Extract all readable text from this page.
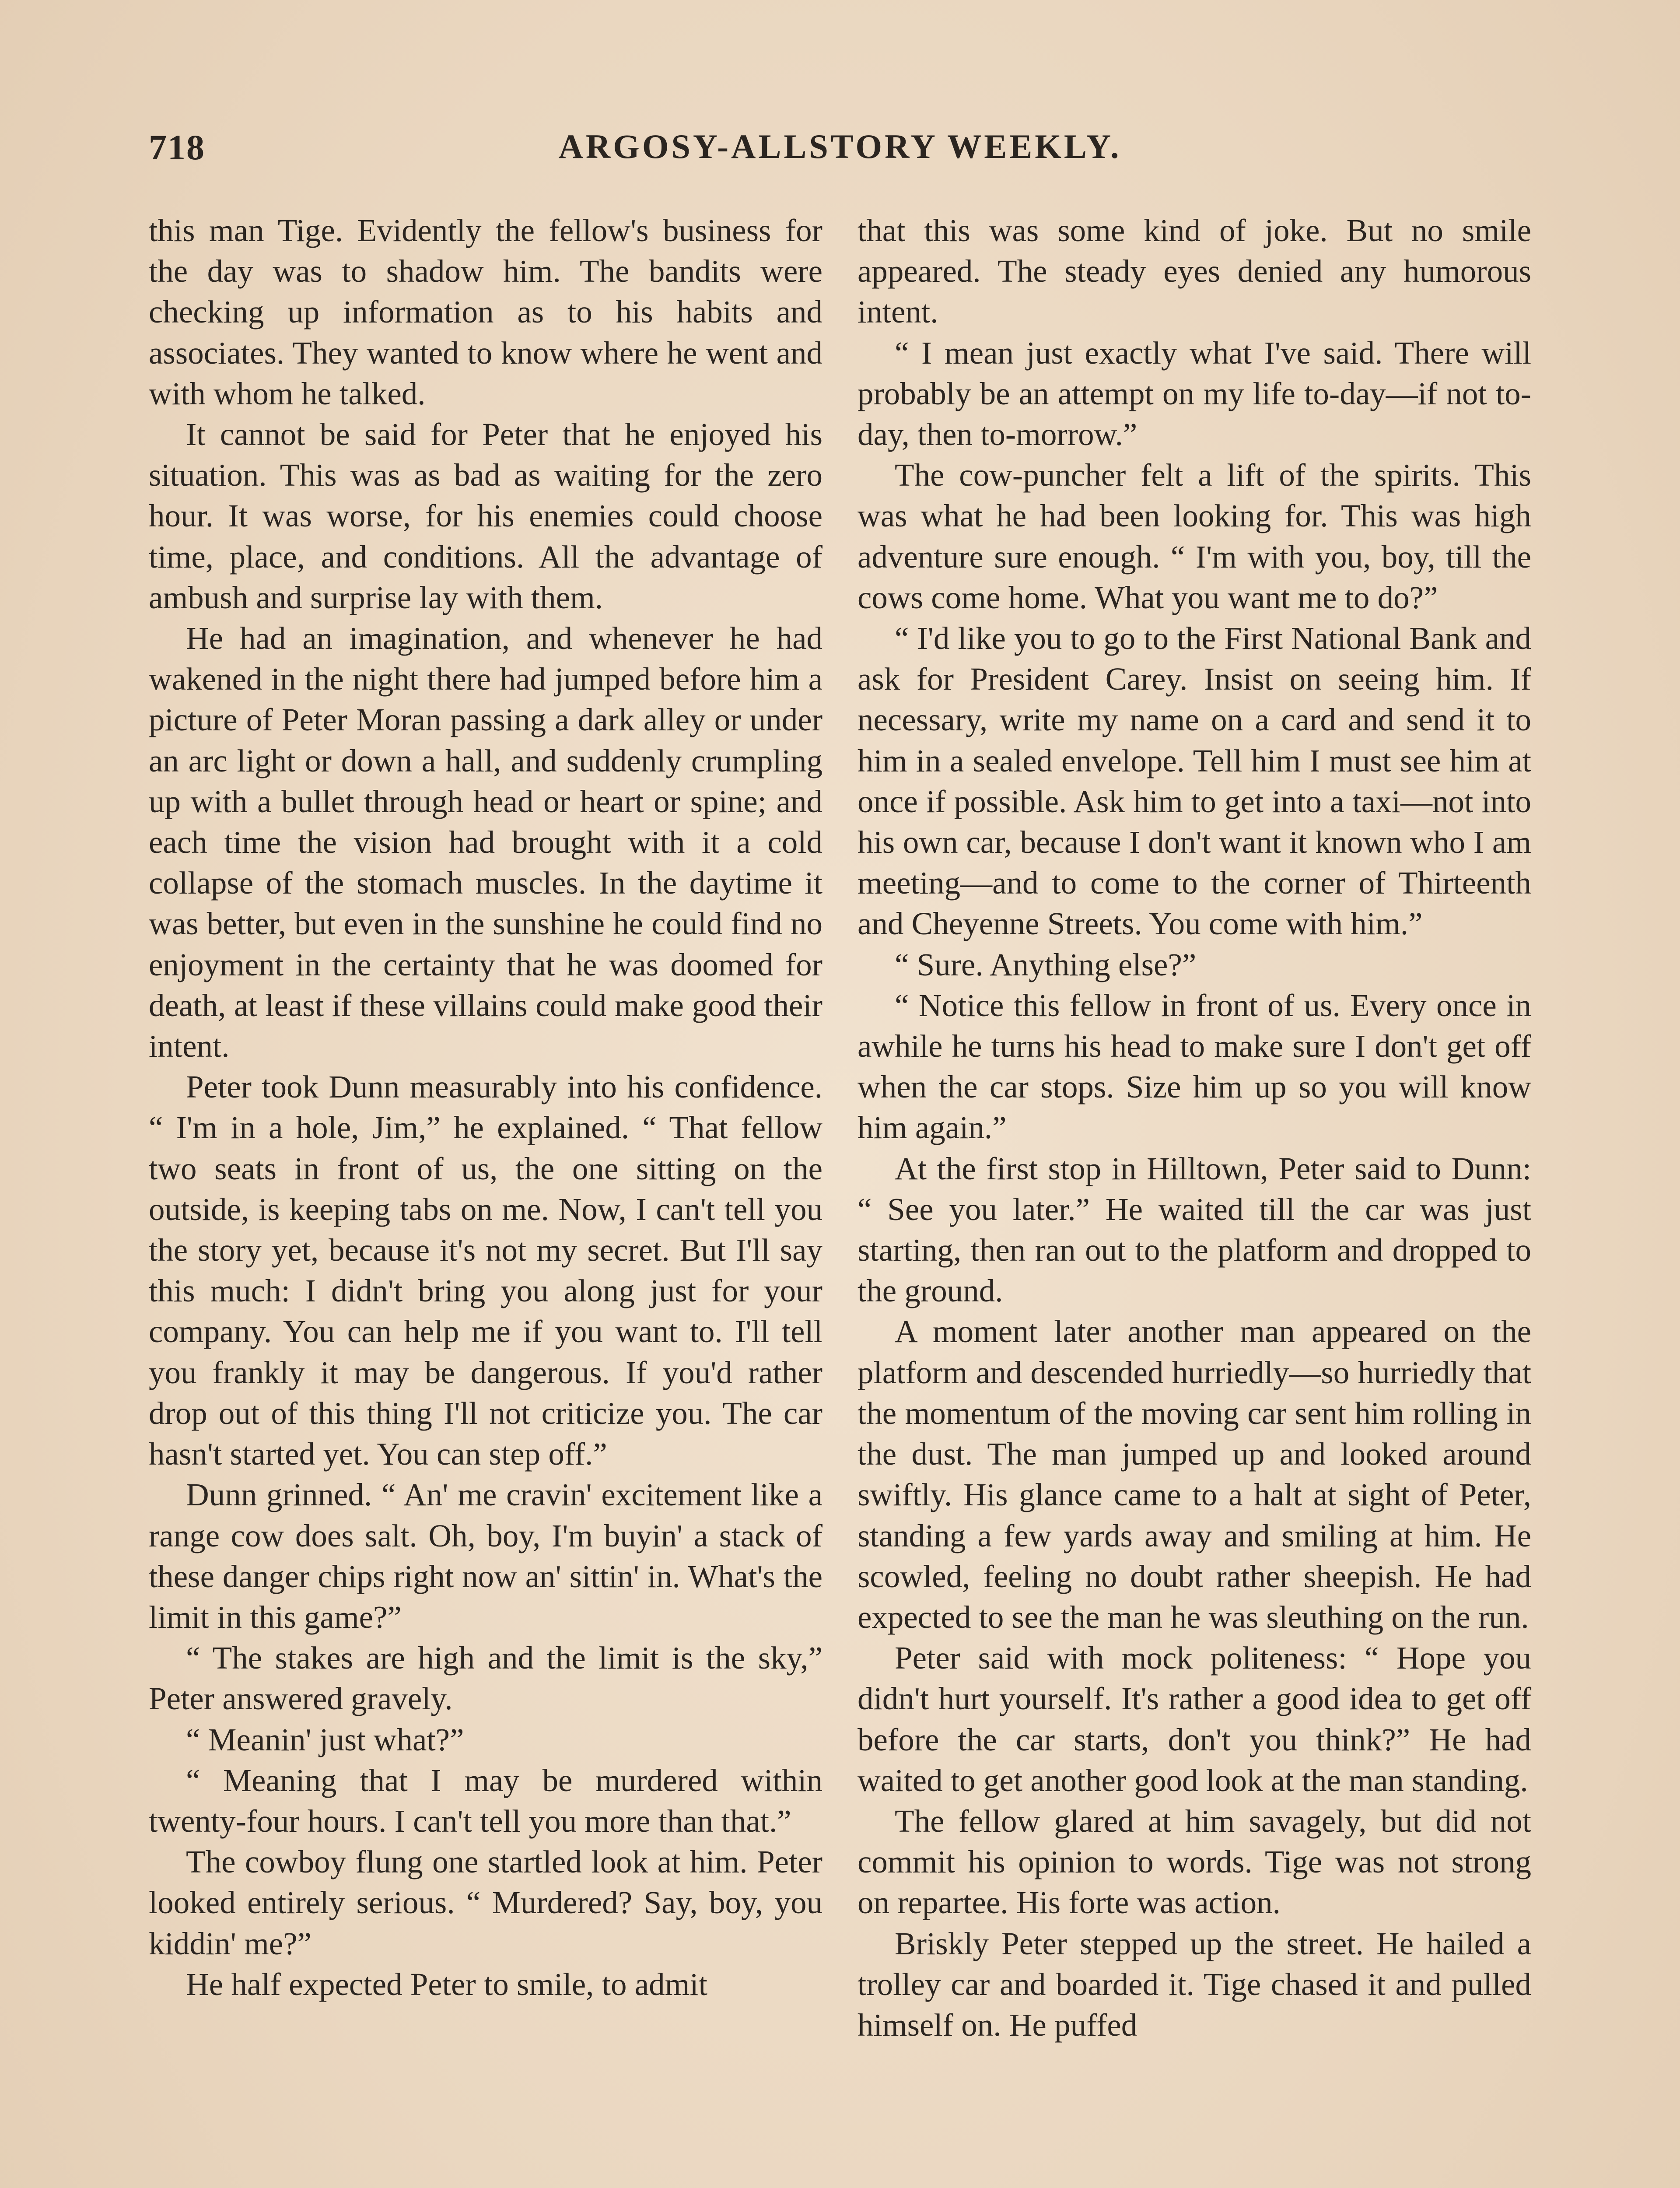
718	ARGOSY-ALLSTORY WEEKLY.

this man Tige. Evidently the fellow's business for the day was to shadow him. The bandits were checking up information as to his habits and associates. They wanted to know where he went and with whom he talked.

It cannot be said for Peter that he enjoyed his situation. This was as bad as waiting for the zero hour. It was worse, for his enemies could choose time, place, and conditions. All the advantage of ambush and surprise lay with them.

He had an imagination, and whenever he had wakened in the night there had jumped before him a picture of Peter Moran passing a dark alley or under an arc light or down a hall, and suddenly crumpling up with a bullet through head or heart or spine; and each time the vision had brought with it a cold collapse of the stomach muscles. In the daytime it was better, but even in the sunshine he could find no enjoyment in the certainty that he was doomed for death, at least if these villains could make good their intent.

Peter took Dunn measurably into his confidence. “ I'm in a hole, Jim,” he explained. “ That fellow two seats in front of us, the one sitting on the outside, is keeping tabs on me. Now, I can't tell you the story yet, because it's not my secret. But I'll say this much: I didn't bring you along just for your company. You can help me if you want to. I'll tell you frankly it may be dangerous. If you'd rather drop out of this thing I'll not criticize you. The car hasn't started yet. You can step off.”

Dunn grinned. “ An' me cravin' excitement like a range cow does salt. Oh, boy, I'm buyin' a stack of these danger chips right now an' sittin' in. What's the limit in this game?”

“ The stakes are high and the limit is the sky,” Peter answered gravely.

“ Meanin' just what?”

“ Meaning that I may be murdered within twenty-four hours. I can't tell you more than that.”

The cowboy flung one startled look at him. Peter looked entirely serious. “ Murdered? Say, boy, you kiddin' me?”

He half expected Peter to smile, to admit

that this was some kind of joke. But no smile appeared. The steady eyes denied any humorous intent.

“ I mean just exactly what I've said. There will probably be an attempt on my life to-day—if not to-day, then to-morrow.”

The cow-puncher felt a lift of the spirits. This was what he had been looking for. This was high adventure sure enough. “ I'm with you, boy, till the cows come home. What you want me to do?”

“ I'd like you to go to the First National Bank and ask for President Carey. Insist on seeing him. If necessary, write my name on a card and send it to him in a sealed envelope. Tell him I must see him at once if possible. Ask him to get into a taxi—not into his own car, because I don't want it known who I am meeting—and to come to the corner of Thirteenth and Cheyenne Streets. You come with him.”

“ Sure. Anything else?”

“ Notice this fellow in front of us. Every once in awhile he turns his head to make sure I don't get off when the car stops. Size him up so you will know him again.”

At the first stop in Hilltown, Peter said to Dunn: “ See you later.” He waited till the car was just starting, then ran out to the platform and dropped to the ground.

A moment later another man appeared on the platform and descended hurriedly—so hurriedly that the momentum of the moving car sent him rolling in the dust. The man jumped up and looked around swiftly. His glance came to a halt at sight of Peter, standing a few yards away and smiling at him. He scowled, feeling no doubt rather sheepish. He had expected to see the man he was sleuthing on the run.

Peter said with mock politeness: “ Hope you didn't hurt yourself. It's rather a good idea to get off before the car starts, don't you think?” He had waited to get another good look at the man standing.

The fellow glared at him savagely, but did not commit his opinion to words. Tige was not strong on repartee. His forte was action.

Briskly Peter stepped up the street. He hailed a trolley car and boarded it. Tige chased it and pulled himself on. He puffed
